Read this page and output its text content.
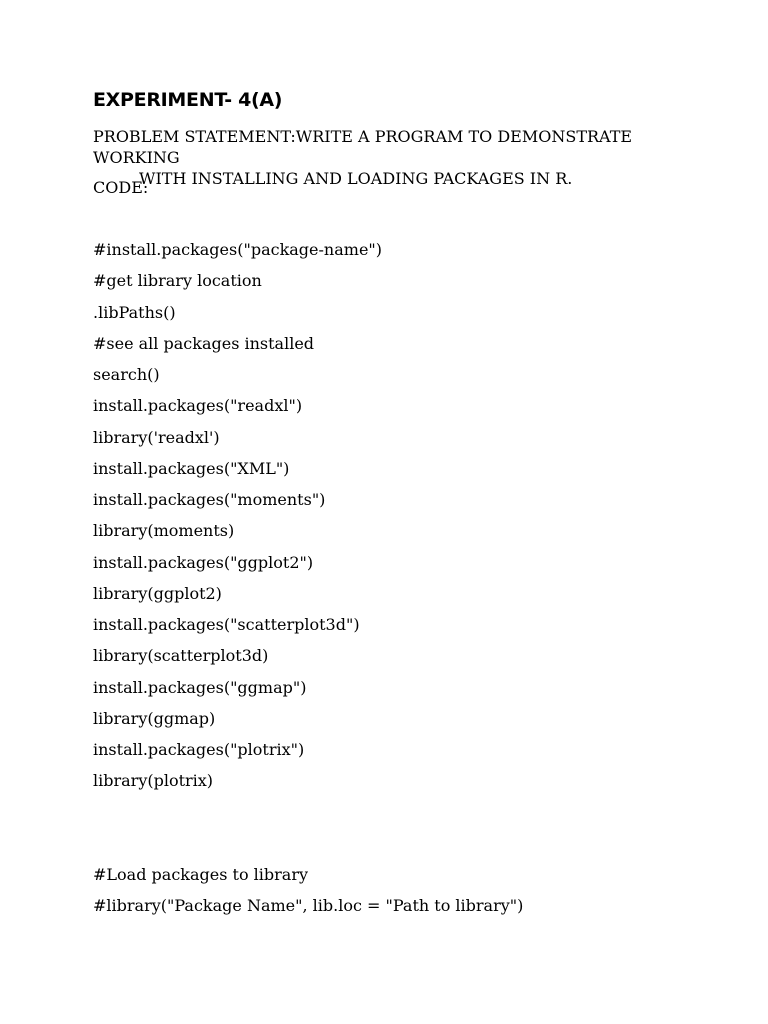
EXPERIMENT- 4(A)

PROBLEM STATEMENT:WRITE A PROGRAM TO DEMONSTRATE WORKING
WITH INSTALLING AND LOADING PACKAGES IN R.

CODE:

#install.packages("package-name")
#get library location
.libPaths()
#see all packages installed
search()
install.packages("readxl")
library('readxl')
install.packages("XML")
install.packages("moments")
library(moments)
install.packages("ggplot2")
library(ggplot2)
install.packages("scatterplot3d")
library(scatterplot3d)
install.packages("ggmap")
library(ggmap)
install.packages("plotrix")
library(plotrix)
#Load packages to library
#library("Package Name", lib.loc = "Path to library")
